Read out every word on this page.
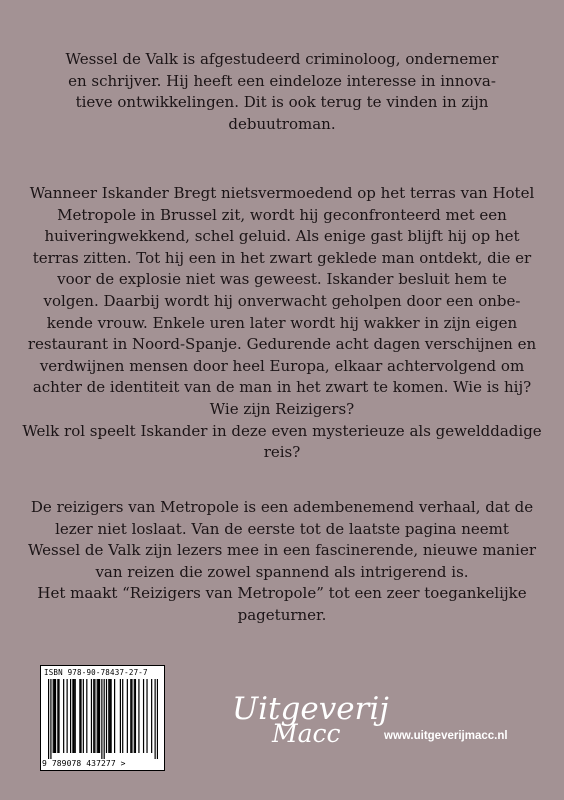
Wessel de Valk is afgestudeerd criminoloog, ondernemer
en schrijver. Hij heeft een eindeloze interesse in innova-
tieve ontwikkelingen. Dit is ook terug te vinden in zijn
debuutroman.
Wanneer Iskander Bregt nietsvermoedend op het terras van Hotel
Metropole in Brussel zit, wordt hij geconfronteerd met een
huiveringwekkend, schel geluid. Als enige gast blijft hij op het
terras zitten. Tot hij een in het zwart geklede man ontdekt, die er
voor de explosie niet was geweest. Iskander besluit hem te
volgen. Daarbij wordt hij onverwacht geholpen door een onbe-
kende vrouw. Enkele uren later wordt hij wakker in zijn eigen
restaurant in Noord-Spanje. Gedurende acht dagen verschijnen en
verdwijnen mensen door heel Europa, elkaar achtervolgend om
achter de identiteit van de man in het zwart te komen. Wie is hij?
Wie zijn Reizigers?
Welk rol speelt Iskander in deze even mysterieuze als gewelddadige
reis?
De reizigers van Metropole is een adembenemend verhaal, dat de
lezer niet loslaat. Van de eerste tot de laatste pagina neemt
Wessel de Valk zijn lezers mee in een fascinerende, nieuwe manier
van reizen die zowel spannend als intrigerend is.
Het maakt “Reizigers van Metropole” tot een zeer toegankelijke
pageturner.
ISBN 978-90-78437-27-7
9 789078 437277 >
Uitgeverij
Macc	www.uitgeverijmacc.nl
